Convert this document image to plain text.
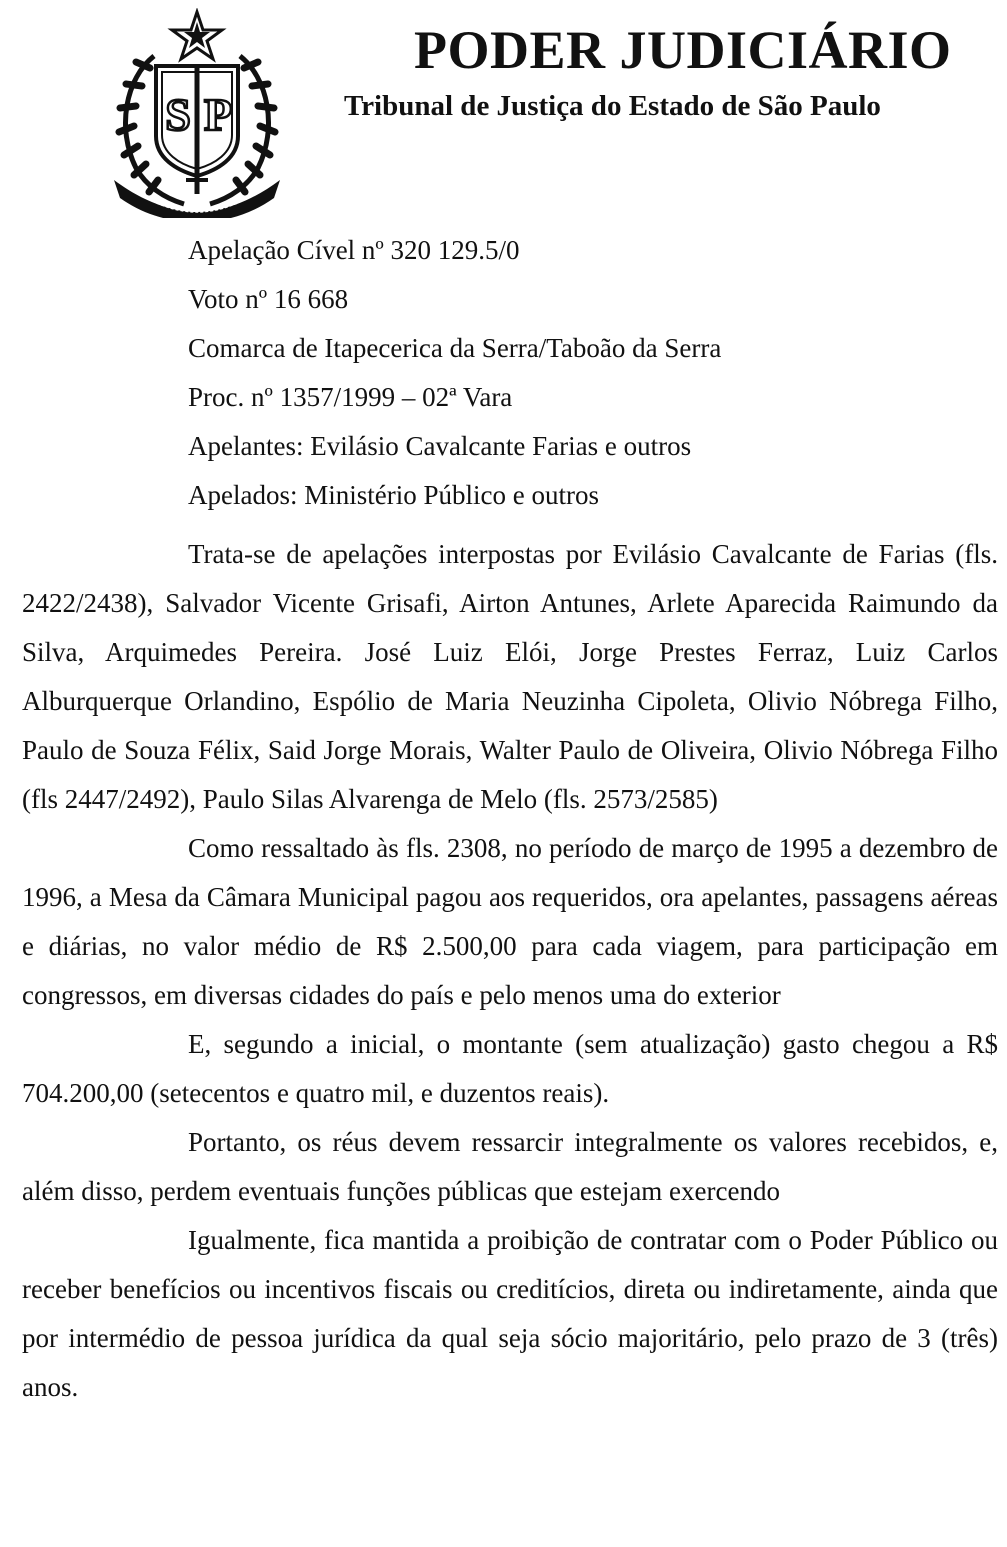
S P
PODER JUDICIÁRIO
Tribunal de Justiça do Estado de São Paulo
Apelação Cível nº 320 129.5/0
Voto nº 16 668
Comarca de Itapecerica da Serra/Taboão da Serra
Proc. nº 1357/1999 – 02ª Vara
Apelantes: Evilásio Cavalcante Farias e outros
Apelados: Ministério Público e outros

Trata-se de apelações interpostas por Evilásio Cavalcante de Farias (fls. 2422/2438), Salvador Vicente Grisafi, Airton Antunes, Arlete Aparecida Raimundo da Silva, Arquimedes Pereira. José Luiz Elói, Jorge Prestes Ferraz, Luiz Carlos Alburquerque Orlandino, Espólio de Maria Neuzinha Cipoleta, Olivio Nóbrega Filho, Paulo de Souza Félix, Said Jorge Morais, Walter Paulo de Oliveira, Olivio Nóbrega Filho (fls 2447/2492), Paulo Silas Alvarenga de Melo (fls. 2573/2585)

Como ressaltado às fls. 2308, no período de março de 1995 a dezembro de 1996, a Mesa da Câmara Municipal pagou aos requeridos, ora apelantes, passagens aéreas e diárias, no valor médio de R$ 2.500,00 para cada viagem, para participação em congressos, em diversas cidades do país e pelo menos uma do exterior

E, segundo a inicial, o montante (sem atualização) gasto chegou a R$ 704.200,00 (setecentos e quatro mil, e duzentos reais).

Portanto, os réus devem ressarcir integralmente os valores recebidos, e, além disso, perdem eventuais funções públicas que estejam exercendo

Igualmente, fica mantida a proibição de contratar com o Poder Público ou receber benefícios ou incentivos fiscais ou creditícios, direta ou indiretamente, ainda que por intermédio de pessoa jurídica da qual seja sócio majoritário, pelo prazo de 3 (três) anos.
